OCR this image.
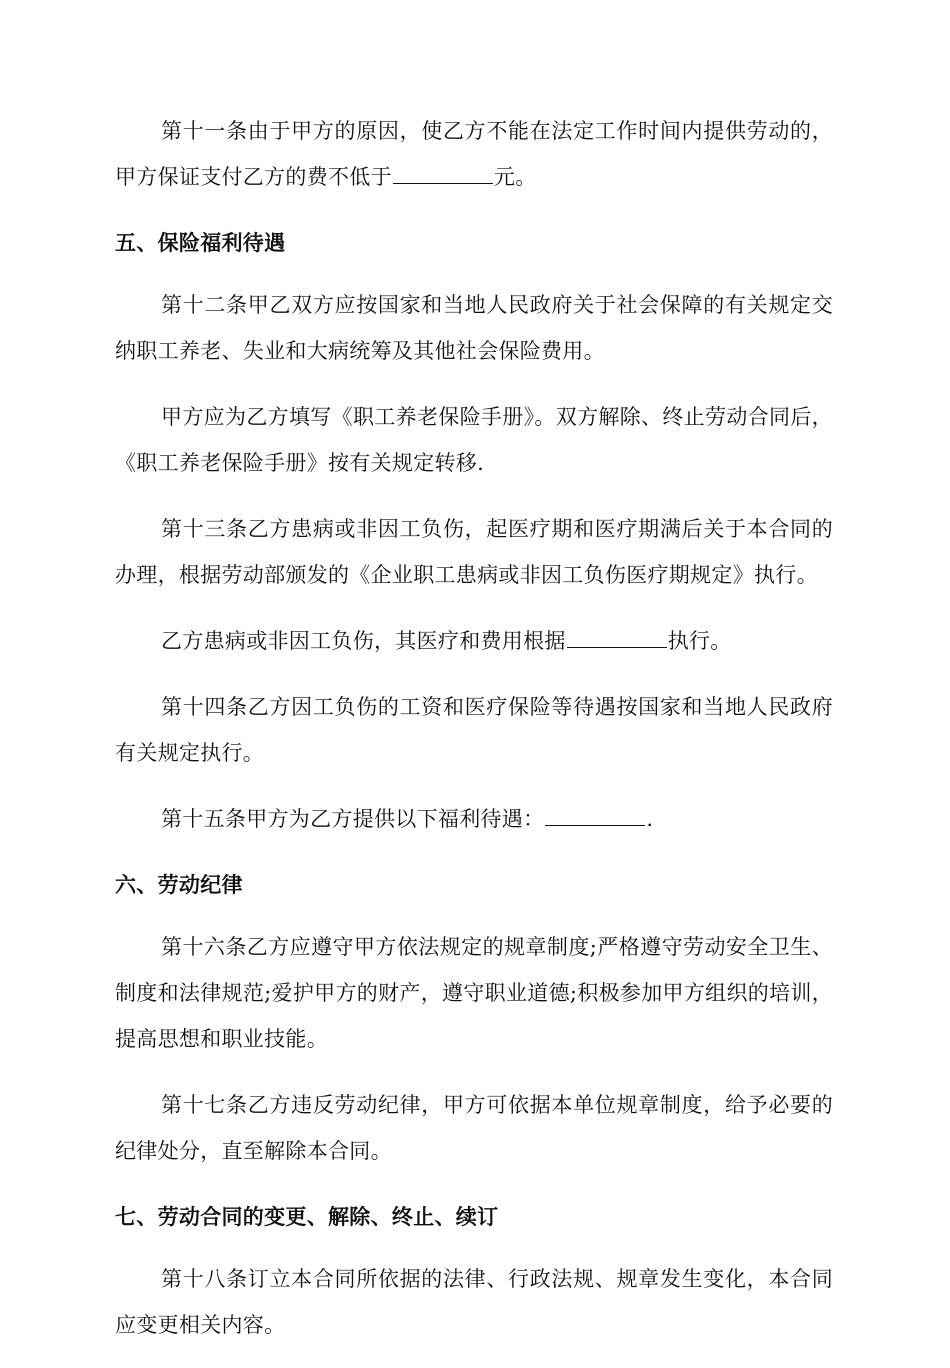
第十一条由于甲方的原因，使乙方不能在法定工作时间内提供劳动的，甲方保证支付乙方的费不低于	元。

五、保险福利待遇

第十二条甲乙双方应按国家和当地人民政府关于社会保障的有关规定交纳职工养老、失业和大病统筹及其他社会保险费用。

甲方应为乙方填写《职工养老保险手册》。双方解除、终止劳动合同后，《职工养老保险手册》按有关规定转移.

第十三条乙方患病或非因工负伤，起医疗期和医疗期满后关于本合同的办理，根据劳动部颁发的《企业职工患病或非因工负伤医疗期规定》执行。

乙方患病或非因工负伤，其医疗和费用根据	执行。

第十四条乙方因工负伤的工资和医疗保险等待遇按国家和当地人民政府有关规定执行。

第十五条甲方为乙方提供以下福利待遇：	.

六、劳动纪律

第十六条乙方应遵守甲方依法规定的规章制度;严格遵守劳动安全卫生、制度和法律规范;爱护甲方的财产，遵守职业道德;积极参加甲方组织的培训，提高思想和职业技能。

第十七条乙方违反劳动纪律，甲方可依据本单位规章制度，给予必要的纪律处分，直至解除本合同。

七、劳动合同的变更、解除、终止、续订

第十八条订立本合同所依据的法律、行政法规、规章发生变化，本合同应变更相关内容。
